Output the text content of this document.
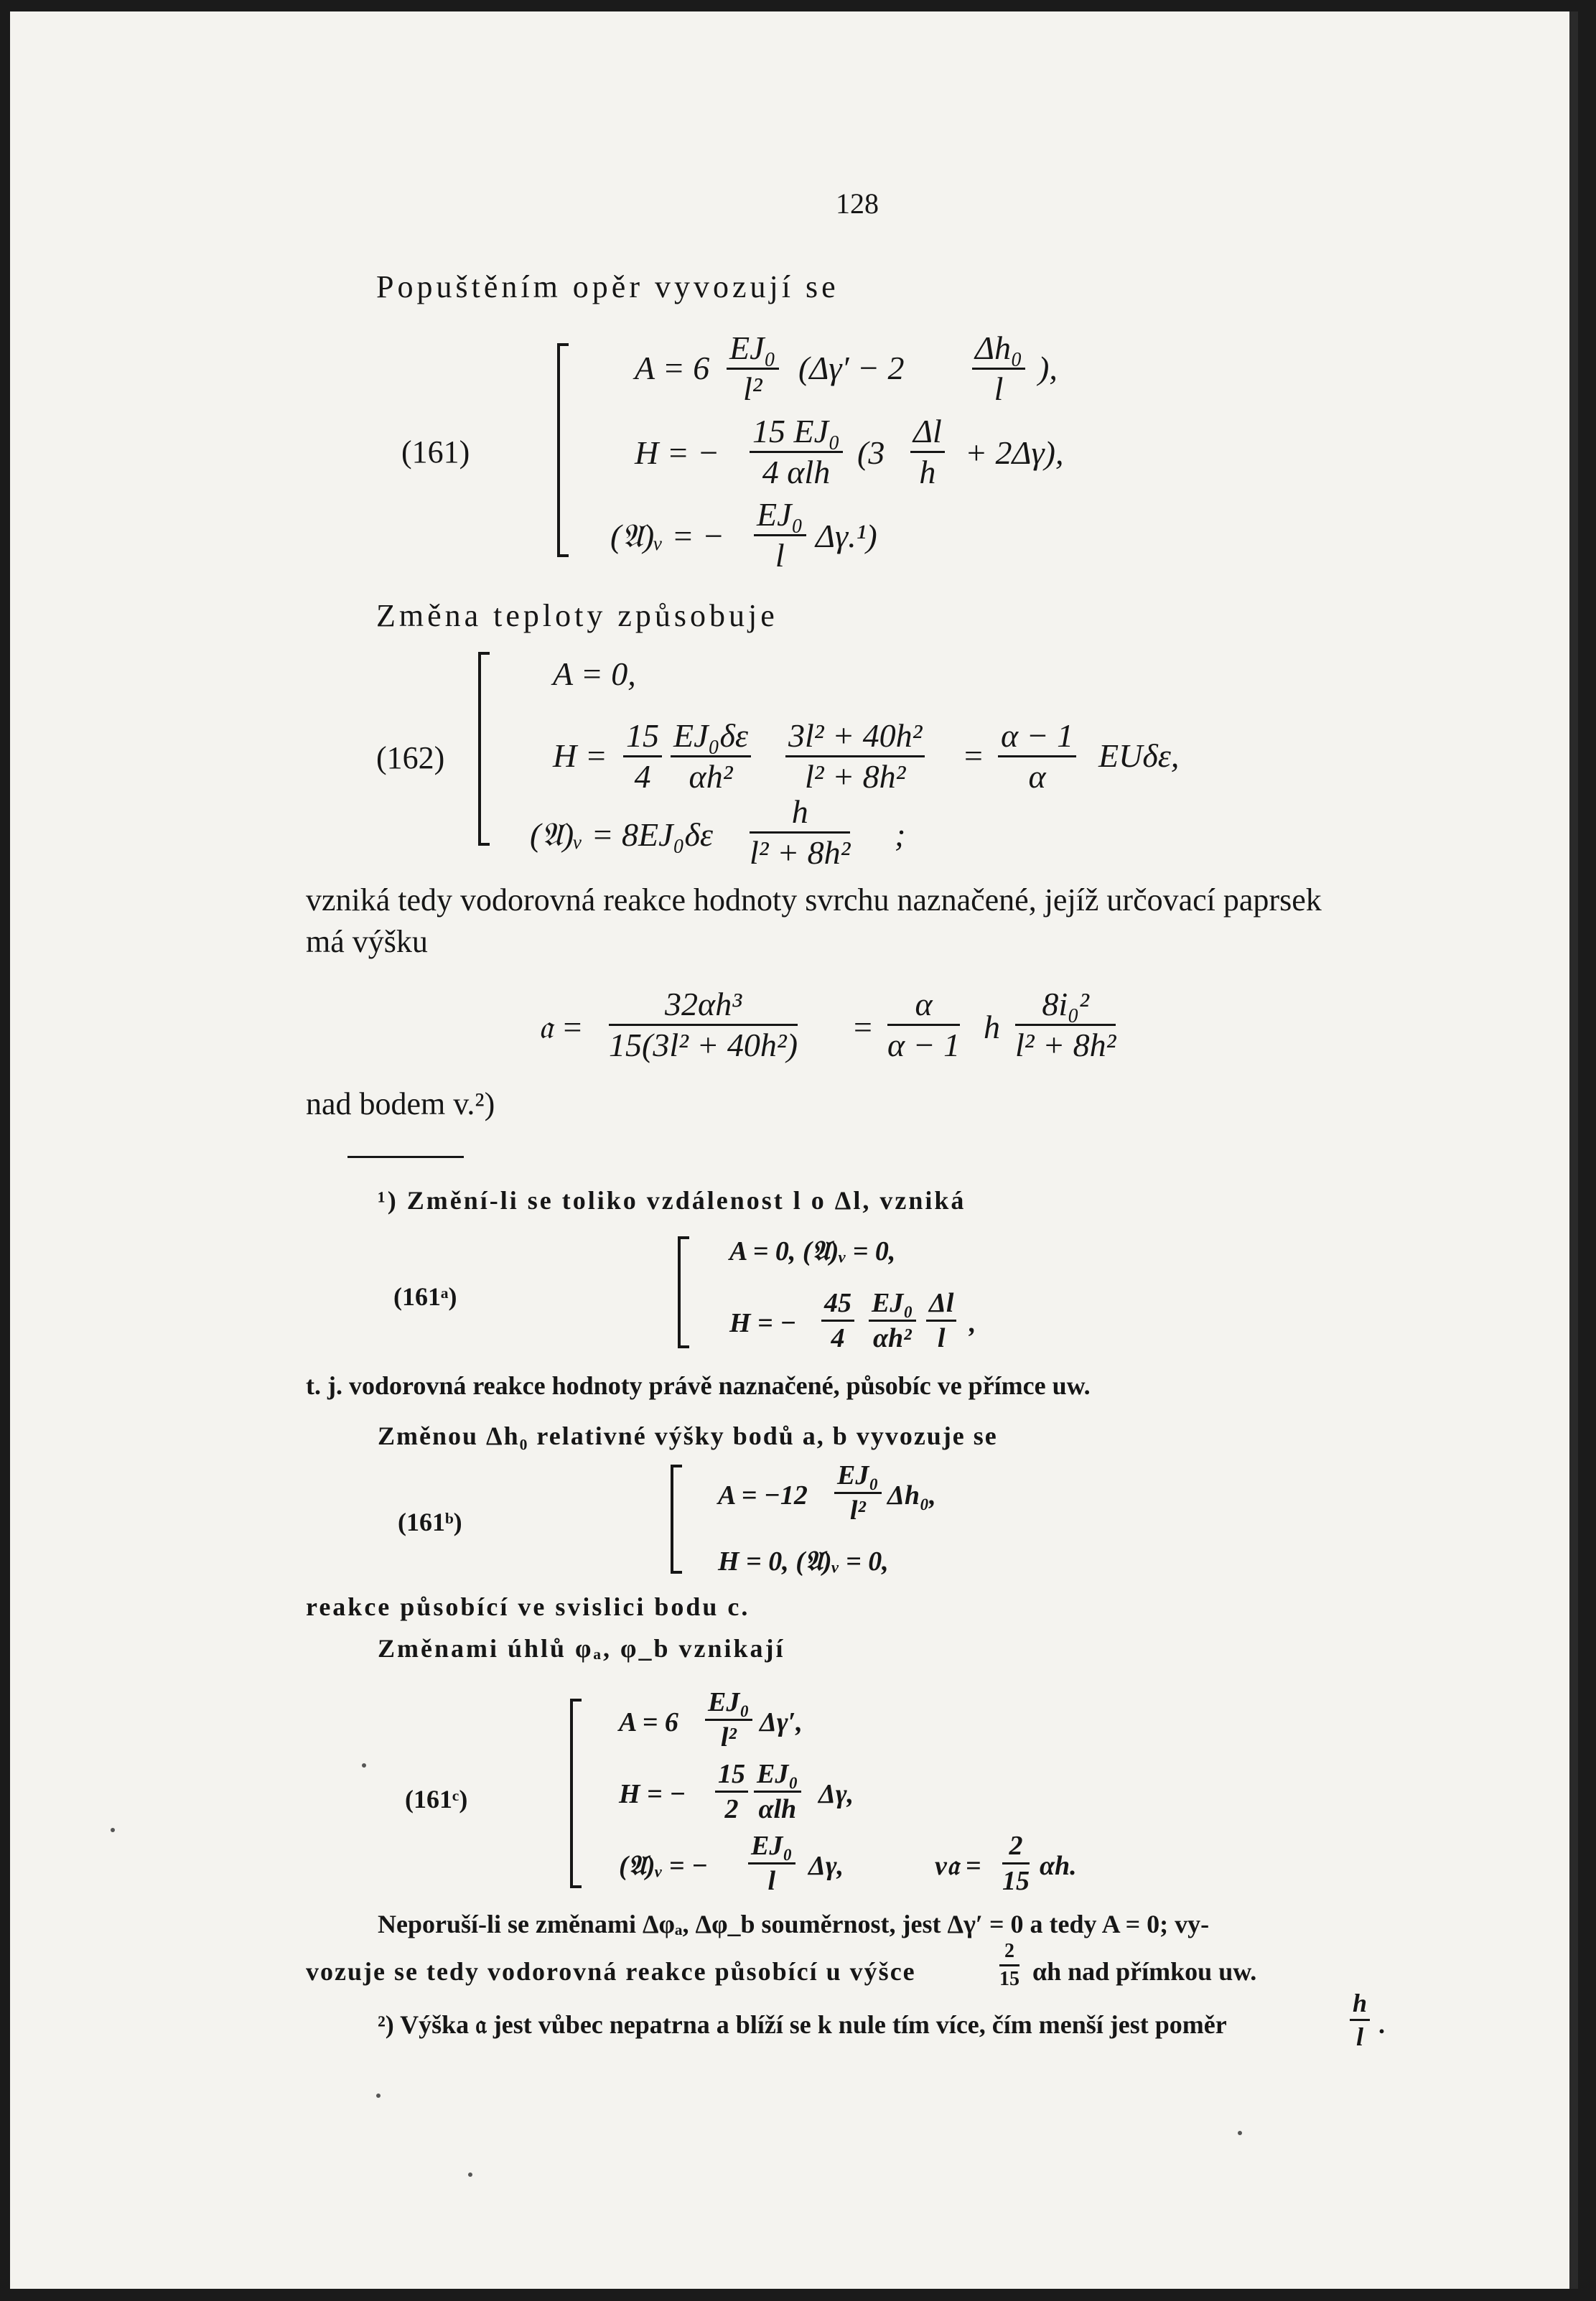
128
Popuštěním opěr vyvozují se
(161)
$A = 6 \frac{\text{EJ₀}}{\text{l²}} (\Delta\gamma' - 2 \frac{\text{Δh₀}}{l}$ ),
H = −
15 EJ₀
4 αlh
$(3 \frac{\Delta l}{h} + 2\Delta\gamma)$,
(𝔄)ᵥ = − $\frac{\text{EJ₀}}{l} \Delta\gamma.^1$)
Změna teploty způsobuje
(162)
A = 0,
$H = \frac{15}{4} \frac{\text{EJ₀δε}}{\text{αh²}} \frac{\text{3l² + 40h²}}{\text{l² + 8h²}} = \frac{\alpha - 1}{\alpha} EU\delta\varepsilon$,
(𝔄)ᵥ = $8EJ_0\delta\varepsilon \frac{h}{\text{l² + 8h²}}$ ;
vzniká tedy vodorovná reakce hodnoty svrchu naznačené, jejíž určovací paprsek
má výšku
𝔞 = $\frac{\text{32αh³}}{\text{15(3l² + 40h²)}} = \frac{\alpha}{\alpha - 1}$ h $\frac{\text{8i₀²}}{\text{l² + 8h²}}$
nad bodem v.²)
¹) Změní-li se toliko vzdálenost l o Δl, vzniká
(161ᵃ)
A = 0, (𝔄)ᵥ = 0,
H = − $\frac{45}{4} \frac{\text{EJ₀}}{\text{αh²}} \frac{\Delta l}{l}$ ,
t. j. vodorovná reakce hodnoty právě naznačené, působíc ve přímce uw.
Změnou Δh₀ relativné výšky bodů a, b vyvozuje se
(161ᵇ)
$A = -12 \frac{\text{EJ₀}}{\text{l²}} \Delta h_0$,
H = 0, (𝔄)ᵥ = 0,
reakce působící ve svislici bodu c.
Změnami úhlů φₐ, φ_b vznikají
(161ᶜ)
$A = 6 \frac{\text{EJ₀}}{\text{l²}} \Delta\gamma'$,
H = − $\frac{15}{2} EJ_0$
αlh Δγ,
(𝔄)ᵥ = − $\frac{\text{EJ₀}}{l} \Delta\gamma$,	v𝔞 = $\frac{2}{15} \alpha h$.
Neporuší-li se změnami Δφₐ, Δφ_b souměrnost, jest Δγ′ = 0 a tedy A = 0; vy-
vozuje se tedy vodorovná reakce působící u výšce	$\frac{2}{15}$ αh nad přímkou uw.
²) Výška 𝔞 jest vůbec nepatrna a blíží se k nule tím více, čím menší jest poměr	$\frac{h}{l}$ .
